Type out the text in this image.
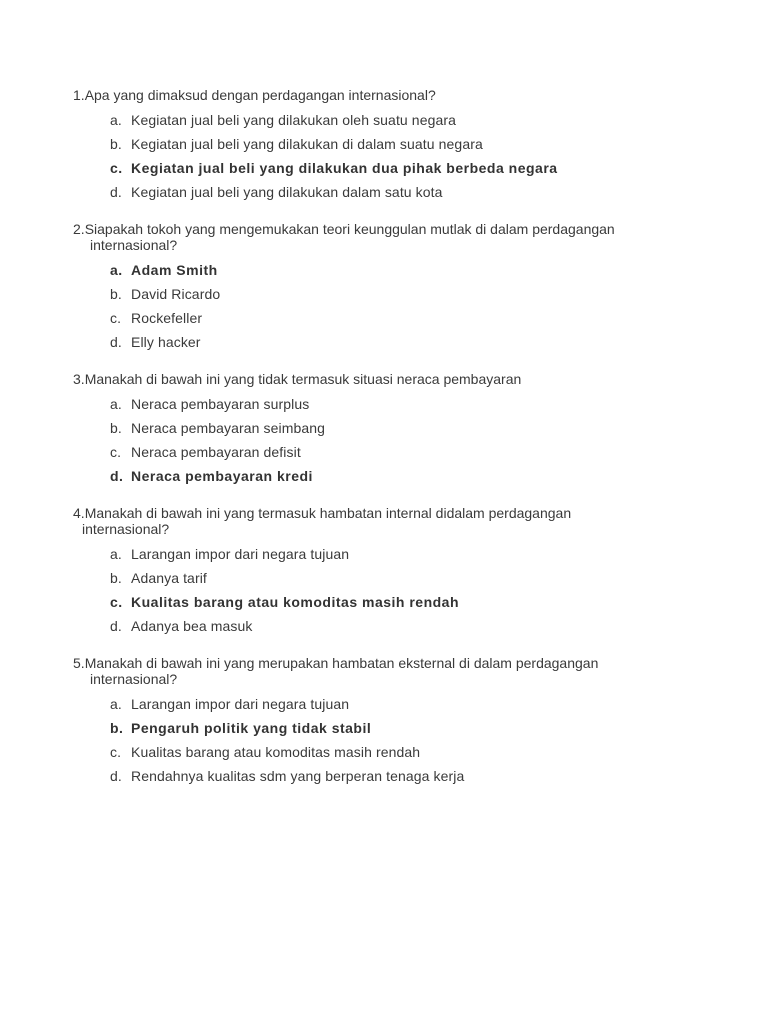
1.Apa yang dimaksud dengan perdagangan internasional?

a. Kegiatan jual beli yang dilakukan oleh suatu negara
b. Kegiatan jual beli yang dilakukan di dalam suatu negara
c. Kegiatan jual beli yang dilakukan dua pihak berbeda negara
d. Kegiatan jual beli yang dilakukan dalam satu kota

2.Siapakah tokoh yang mengemukakan teori keunggulan mutlak di dalam perdagangan
internasional?

a. Adam Smith
b. David Ricardo
c. Rockefeller
d. Elly hacker

3.Manakah di bawah ini yang tidak termasuk situasi neraca pembayaran

a. Neraca pembayaran surplus
b. Neraca pembayaran seimbang
c. Neraca pembayaran defisit
d. Neraca pembayaran kredi

4.Manakah di bawah ini yang termasuk hambatan internal didalam perdagangan
internasional?

a. Larangan impor dari negara tujuan
b. Adanya tarif
c. Kualitas barang atau komoditas masih rendah
d. Adanya bea masuk

5.Manakah di bawah ini yang merupakan hambatan eksternal di dalam perdagangan
internasional?

a. Larangan impor dari negara tujuan
b. Pengaruh politik yang tidak stabil
c. Kualitas barang atau komoditas masih rendah
d. Rendahnya kualitas sdm yang berperan tenaga kerja
